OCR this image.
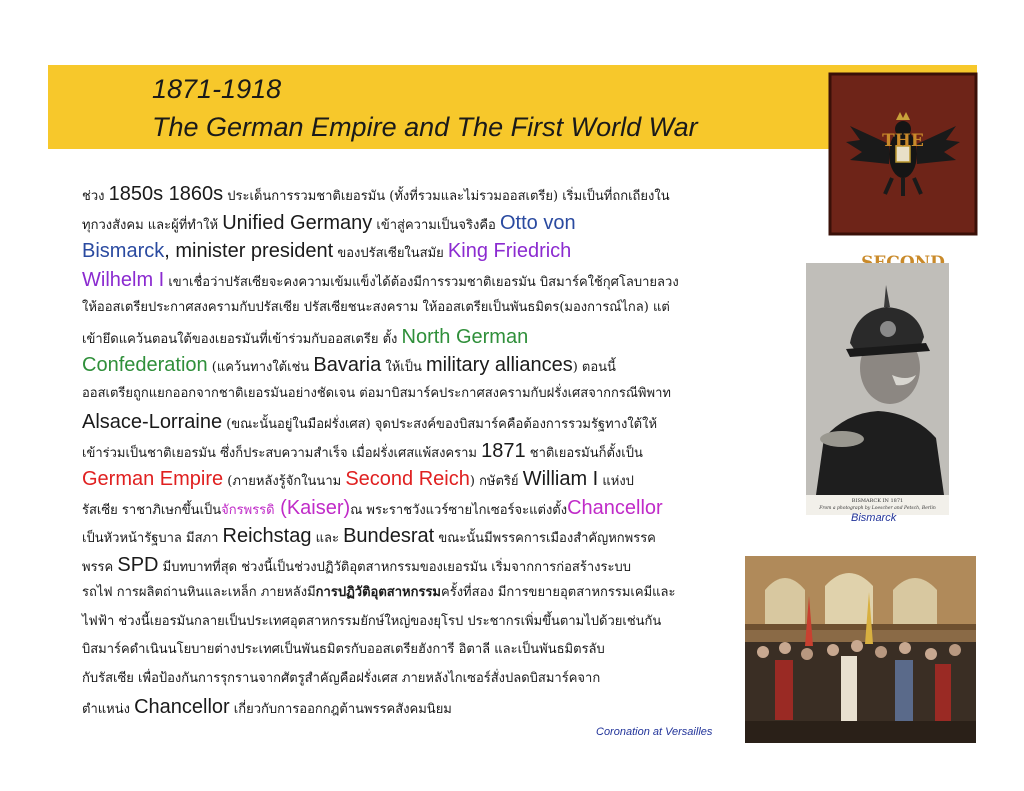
1871-1918
The German Empire and The First World War	THE
BISMARCK IN 1871
From a photograph by Loescher and Petsch, Berlin
Bismarck
Coronation at Versailles
ช่วง 1850s 1860s ประเด็นการรวมชาติเยอรมัน (ทั้งที่รวมและไม่รวมออสเตรีย) เริ่มเป็นที่ถกเถียงใน
ทุกวงสังคม และผู้ที่ทำให้ Unified Germany เข้าสู่ความเป็นจริงคือ Otto von
Bismarck, minister president ของปรัสเซียในสมัย King Friedrich
Wilhelm I เขาเชื่อว่าปรัสเซียจะคงความเข้มแข็งได้ต้องมีการรวมชาติเยอรมัน บิสมาร์คใช้กุศโลบายลวง
ให้ออสเตรียประกาศสงครามกับปรัสเซีย ปรัสเซียชนะสงคราม ให้ออสเตรียเป็นพันธมิตร(มองการณ์ไกล) แต่
เข้ายึดแคว้นตอนใต้ของเยอรมันที่เข้าร่วมกับออสเตรีย ตั้ง North German
Confederation (แคว้นทางใต้เช่น Bavaria ให้เป็น military alliances) ตอนนี้
ออสเตรียถูกแยกออกจากชาติเยอรมันอย่างชัดเจน ต่อมาบิสมาร์คประกาศสงครามกับฝรั่งเศสจากกรณีพิพาท
Alsace-Lorraine (ขณะนั้นอยู่ในมือฝรั่งเศส) จุดประสงค์ของบิสมาร์คคือต้องการรวมรัฐทางใต้ให้
เข้าร่วมเป็นชาติเยอรมัน ซึ่งก็ประสบความสำเร็จ เมื่อฝรั่งเศสแพ้สงคราม 1871 ชาติเยอรมันก็ตั้งเป็น
German Empire (ภายหลังรู้จักในนาม Second Reich) กษัตริย์ William I แห่งป
รัสเซีย ราชาภิเษกขึ้นเป็นจักรพรรดิ (Kaiser)ณ พระราชวังแวร์ซายไกเซอร์จะแต่งตั้งChancellor
เป็นหัวหน้ารัฐบาล มีสภา Reichstag และ Bundesrat ขณะนั้นมีพรรคการเมืองสำคัญหกพรรค
พรรค SPD มีบทบาทที่สุด ช่วงนี้เป็นช่วงปฏิวัติอุตสาหกรรมของเยอรมัน เริ่มจากการก่อสร้างระบบ
รถไฟ การผลิตถ่านหินและเหล็ก ภายหลังมีการปฏิวัติอุตสาหกรรมครั้งที่สอง มีการขยายอุตสาหกรรมเคมีและ
ไฟฟ้า ช่วงนี้เยอรมันกลายเป็นประเทศอุตสาหกรรมยักษ์ใหญ่ของยุโรป ประชากรเพิ่มขึ้นตามไปด้วยเช่นกัน
บิสมาร์คดำเนินนโยบายต่างประเทศเป็นพันธมิตรกับออสเตรียฮังการี อิตาลี และเป็นพันธมิตรลับ
กับรัสเซีย เพื่อป้องกันการรุกรานจากศัตรูสำคัญคือฝรั่งเศส ภายหลังไกเซอร์สั่งปลดบิสมาร์คจาก
ตำแหน่ง Chancellor เกี่ยวกับการออกกฎต้านพรรคสังคมนิยม
